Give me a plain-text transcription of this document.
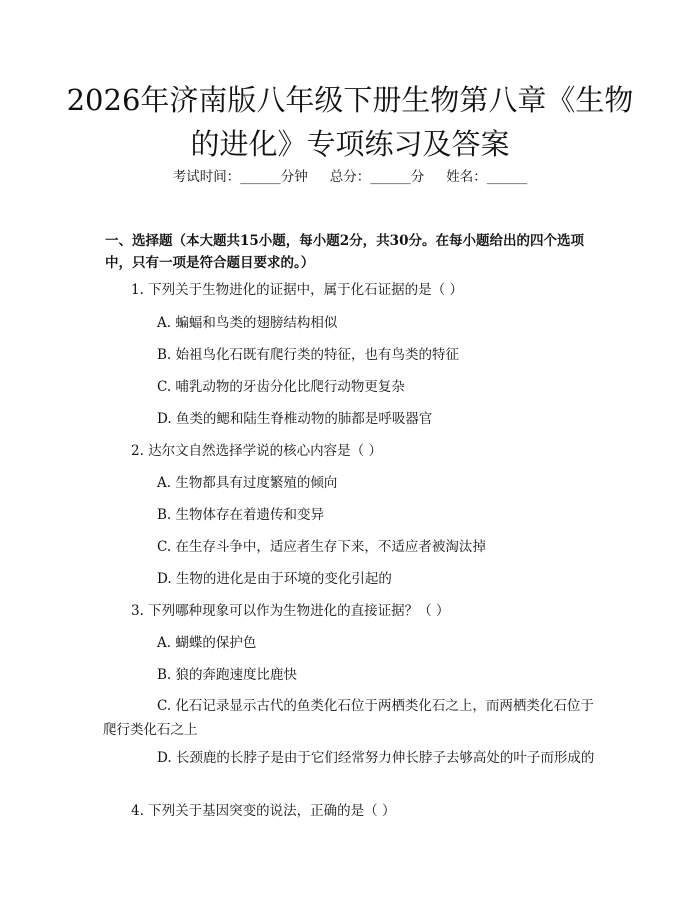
2026年济南版八年级下册生物第八章《生物的进化》专项练习及答案
考试时间：______分钟 总分：______分 姓名：______

一、选择题（本大题共15小题，每小题2分，共30分。在每小题给出的四个选项中，只有一项是符合题目要求的。）

1. 下列关于生物进化的证据中，属于化石证据的是（ ）

A. 蝙蝠和鸟类的翅膀结构相似

B. 始祖鸟化石既有爬行类的特征，也有鸟类的特征

C. 哺乳动物的牙齿分化比爬行动物更复杂

D. 鱼类的鳃和陆生脊椎动物的肺都是呼吸器官

2. 达尔文自然选择学说的核心内容是（ ）

A. 生物都具有过度繁殖的倾向

B. 生物体存在着遗传和变异

C. 在生存斗争中，适应者生存下来，不适应者被淘汰掉

D. 生物的进化是由于环境的变化引起的

3. 下列哪种现象可以作为生物进化的直接证据？（ ）

A. 蝴蝶的保护色

B. 狼的奔跑速度比鹿快

C. 化石记录显示古代的鱼类化石位于两栖类化石之上，而两栖类化石位于爬行类化石之上

D. 长颈鹿的长脖子是由于它们经常努力伸长脖子去够高处的叶子而形成的

4. 下列关于基因突变的说法，正确的是（ ）
